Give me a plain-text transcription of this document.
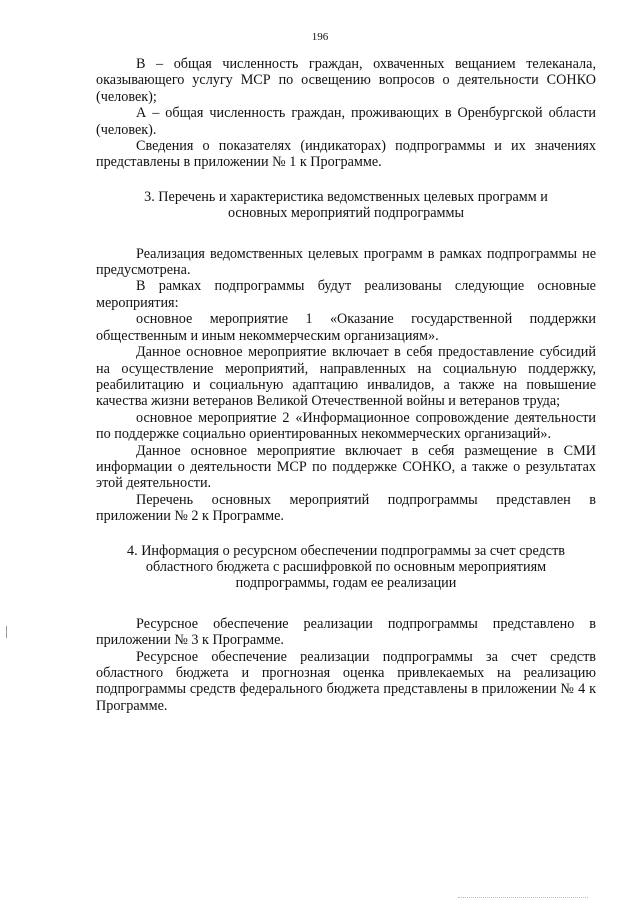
196

В – общая численность граждан, охваченных вещанием телеканала, оказывающего услугу МСР по освещению вопросов о деятельности СОНКО (человек);

А – общая численность граждан, проживающих в Оренбургской области (человек).

Сведения о показателях (индикаторах) подпрограммы и их значениях представлены в приложении № 1 к Программе.

3. Перечень и характеристика ведомственных целевых программ и основных мероприятий подпрограммы

Реализация ведомственных целевых программ в рамках подпрограммы не предусмотрена.

В рамках подпрограммы будут реализованы следующие основные мероприятия:

основное мероприятие 1 «Оказание государственной поддержки общественным и иным некоммерческим организациям».

Данное основное мероприятие включает в себя предоставление субсидий на осуществление мероприятий, направленных на социальную поддержку, реабилитацию и социальную адаптацию инвалидов, а также на повышение качества жизни ветеранов Великой Отечественной войны и ветеранов труда;

основное мероприятие 2 «Информационное сопровождение деятельности по поддержке социально ориентированных некоммерческих организаций».

Данное основное мероприятие включает в себя размещение в СМИ информации о деятельности МСР по поддержке СОНКО, а также о результатах этой деятельности.

Перечень основных мероприятий подпрограммы представлен в приложении № 2 к Программе.

4. Информация о ресурсном обеспечении подпрограммы за счет средств областного бюджета с расшифровкой по основным мероприятиям подпрограммы, годам ее реализации

Ресурсное обеспечение реализации подпрограммы представлено в приложении № 3 к Программе.

Ресурсное обеспечение реализации подпрограммы за счет средств областного бюджета и прогнозная оценка привлекаемых на реализацию подпрограммы средств федерального бюджета представлены в приложении № 4 к Программе.
